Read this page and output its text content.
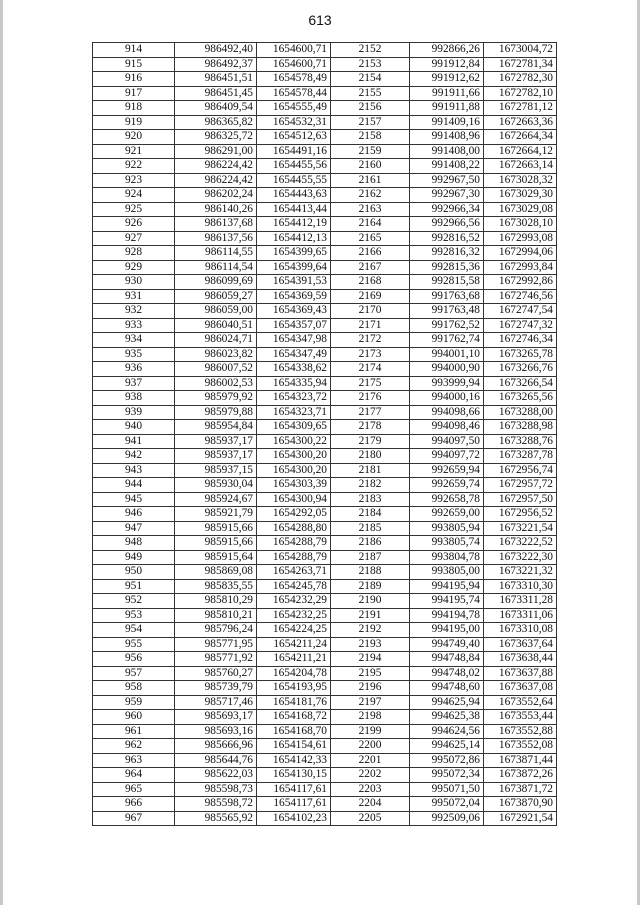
613
914	986492,40	1654600,71	2152	992866,26	1673004,72
915	986492,37	1654600,71	2153	991912,84	1672781,34
916	986451,51	1654578,49	2154	991912,62	1672782,30
917	986451,45	1654578,44	2155	991911,66	1672782,10
918	986409,54	1654555,49	2156	991911,88	1672781,12
919	986365,82	1654532,31	2157	991409,16	1672663,36
920	986325,72	1654512,63	2158	991408,96	1672664,34
921	986291,00	1654491,16	2159	991408,00	1672664,12
922	986224,42	1654455,56	2160	991408,22	1672663,14
923	986224,42	1654455,55	2161	992967,50	1673028,32
924	986202,24	1654443,63	2162	992967,30	1673029,30
925	986140,26	1654413,44	2163	992966,34	1673029,08
926	986137,68	1654412,19	2164	992966,56	1673028,10
927	986137,56	1654412,13	2165	992816,52	1672993,08
928	986114,55	1654399,65	2166	992816,32	1672994,06
929	986114,54	1654399,64	2167	992815,36	1672993,84
930	986099,69	1654391,53	2168	992815,58	1672992,86
931	986059,27	1654369,59	2169	991763,68	1672746,56
932	986059,00	1654369,43	2170	991763,48	1672747,54
933	986040,51	1654357,07	2171	991762,52	1672747,32
934	986024,71	1654347,98	2172	991762,74	1672746,34
935	986023,82	1654347,49	2173	994001,10	1673265,78
936	986007,52	1654338,62	2174	994000,90	1673266,76
937	986002,53	1654335,94	2175	993999,94	1673266,54
938	985979,92	1654323,72	2176	994000,16	1673265,56
939	985979,88	1654323,71	2177	994098,66	1673288,00
940	985954,84	1654309,65	2178	994098,46	1673288,98
941	985937,17	1654300,22	2179	994097,50	1673288,76
942	985937,17	1654300,20	2180	994097,72	1673287,78
943	985937,15	1654300,20	2181	992659,94	1672956,74
944	985930,04	1654303,39	2182	992659,74	1672957,72
945	985924,67	1654300,94	2183	992658,78	1672957,50
946	985921,79	1654292,05	2184	992659,00	1672956,52
947	985915,66	1654288,80	2185	993805,94	1673221,54
948	985915,66	1654288,79	2186	993805,74	1673222,52
949	985915,64	1654288,79	2187	993804,78	1673222,30
950	985869,08	1654263,71	2188	993805,00	1673221,32
951	985835,55	1654245,78	2189	994195,94	1673310,30
952	985810,29	1654232,29	2190	994195,74	1673311,28
953	985810,21	1654232,25	2191	994194,78	1673311,06
954	985796,24	1654224,25	2192	994195,00	1673310,08
955	985771,95	1654211,24	2193	994749,40	1673637,64
956	985771,92	1654211,21	2194	994748,84	1673638,44
957	985760,27	1654204,78	2195	994748,02	1673637,88
958	985739,79	1654193,95	2196	994748,60	1673637,08
959	985717,46	1654181,76	2197	994625,94	1673552,64
960	985693,17	1654168,72	2198	994625,38	1673553,44
961	985693,16	1654168,70	2199	994624,56	1673552,88
962	985666,96	1654154,61	2200	994625,14	1673552,08
963	985644,76	1654142,33	2201	995072,86	1673871,44
964	985622,03	1654130,15	2202	995072,34	1673872,26
965	985598,73	1654117,61	2203	995071,50	1673871,72
966	985598,72	1654117,61	2204	995072,04	1673870,90
967	985565,92	1654102,23	2205	992509,06	1672921,54
